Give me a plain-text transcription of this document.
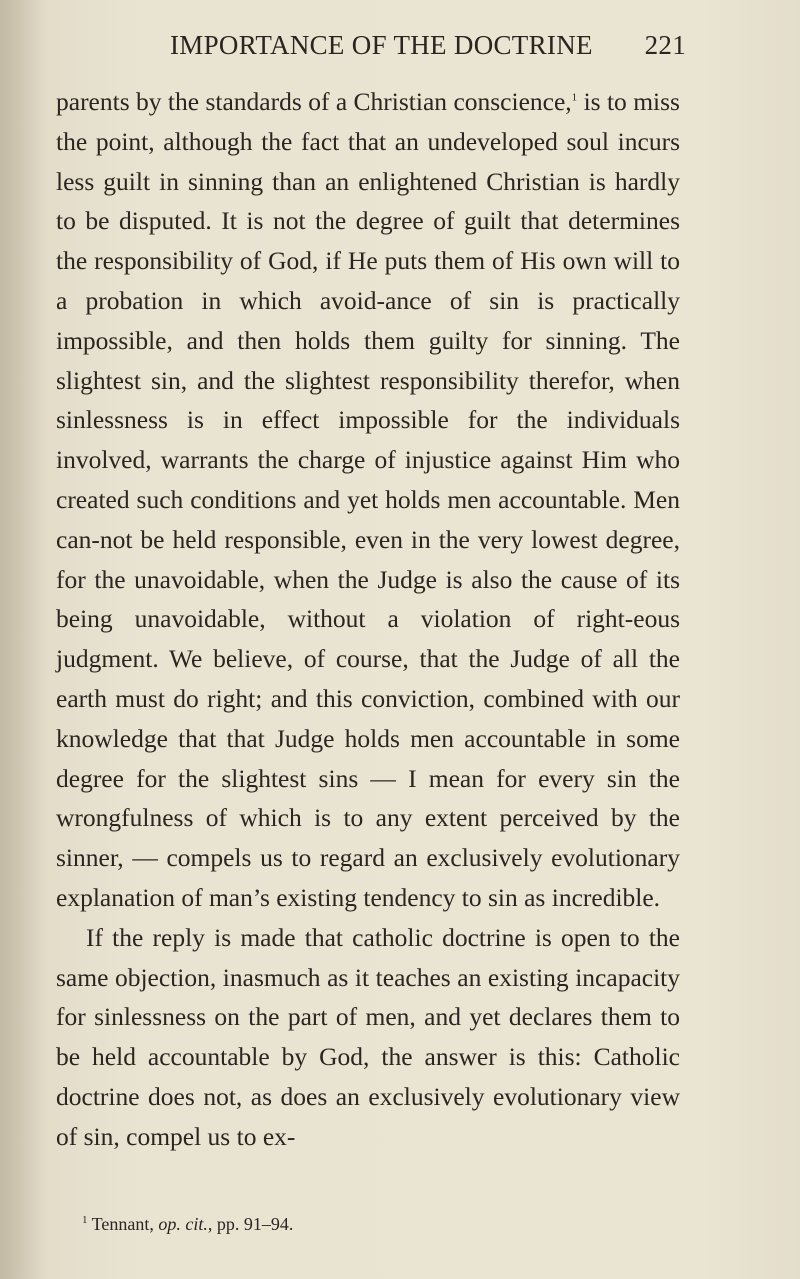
IMPORTANCE OF THE DOCTRINE 221

parents by the standards of a Christian conscience,$^1$ is to miss the point, although the fact that an undeveloped soul incurs less guilt in sinning than an enlightened Christian is hardly to be disputed. It is not the degree of guilt that determines the responsibility of God, if He puts them of His own will to a probation in which avoid-ance of sin is practically impossible, and then holds them guilty for sinning. The slightest sin, and the slightest responsibility therefor, when sinlessness is in effect impossible for the individuals involved, warrants the charge of injustice against Him who created such conditions and yet holds men accountable. Men can-not be held responsible, even in the very lowest degree, for the unavoidable, when the Judge is also the cause of its being unavoidable, without a violation of right-eous judgment. We believe, of course, that the Judge of all the earth must do right; and this conviction, combined with our knowledge that that Judge holds men accountable in some degree for the slightest sins — I mean for every sin the wrongfulness of which is to any extent perceived by the sinner, — compels us to regard an exclusively evolutionary explanation of man’s existing tendency to sin as incredible.

If the reply is made that catholic doctrine is open to the same objection, inasmuch as it teaches an existing incapacity for sinlessness on the part of men, and yet declares them to be held accountable by God, the answer is this: Catholic doctrine does not, as does an exclusively evolutionary view of sin, compel us to ex-

$^1$ Tennant, op. cit., pp. 91–94.
